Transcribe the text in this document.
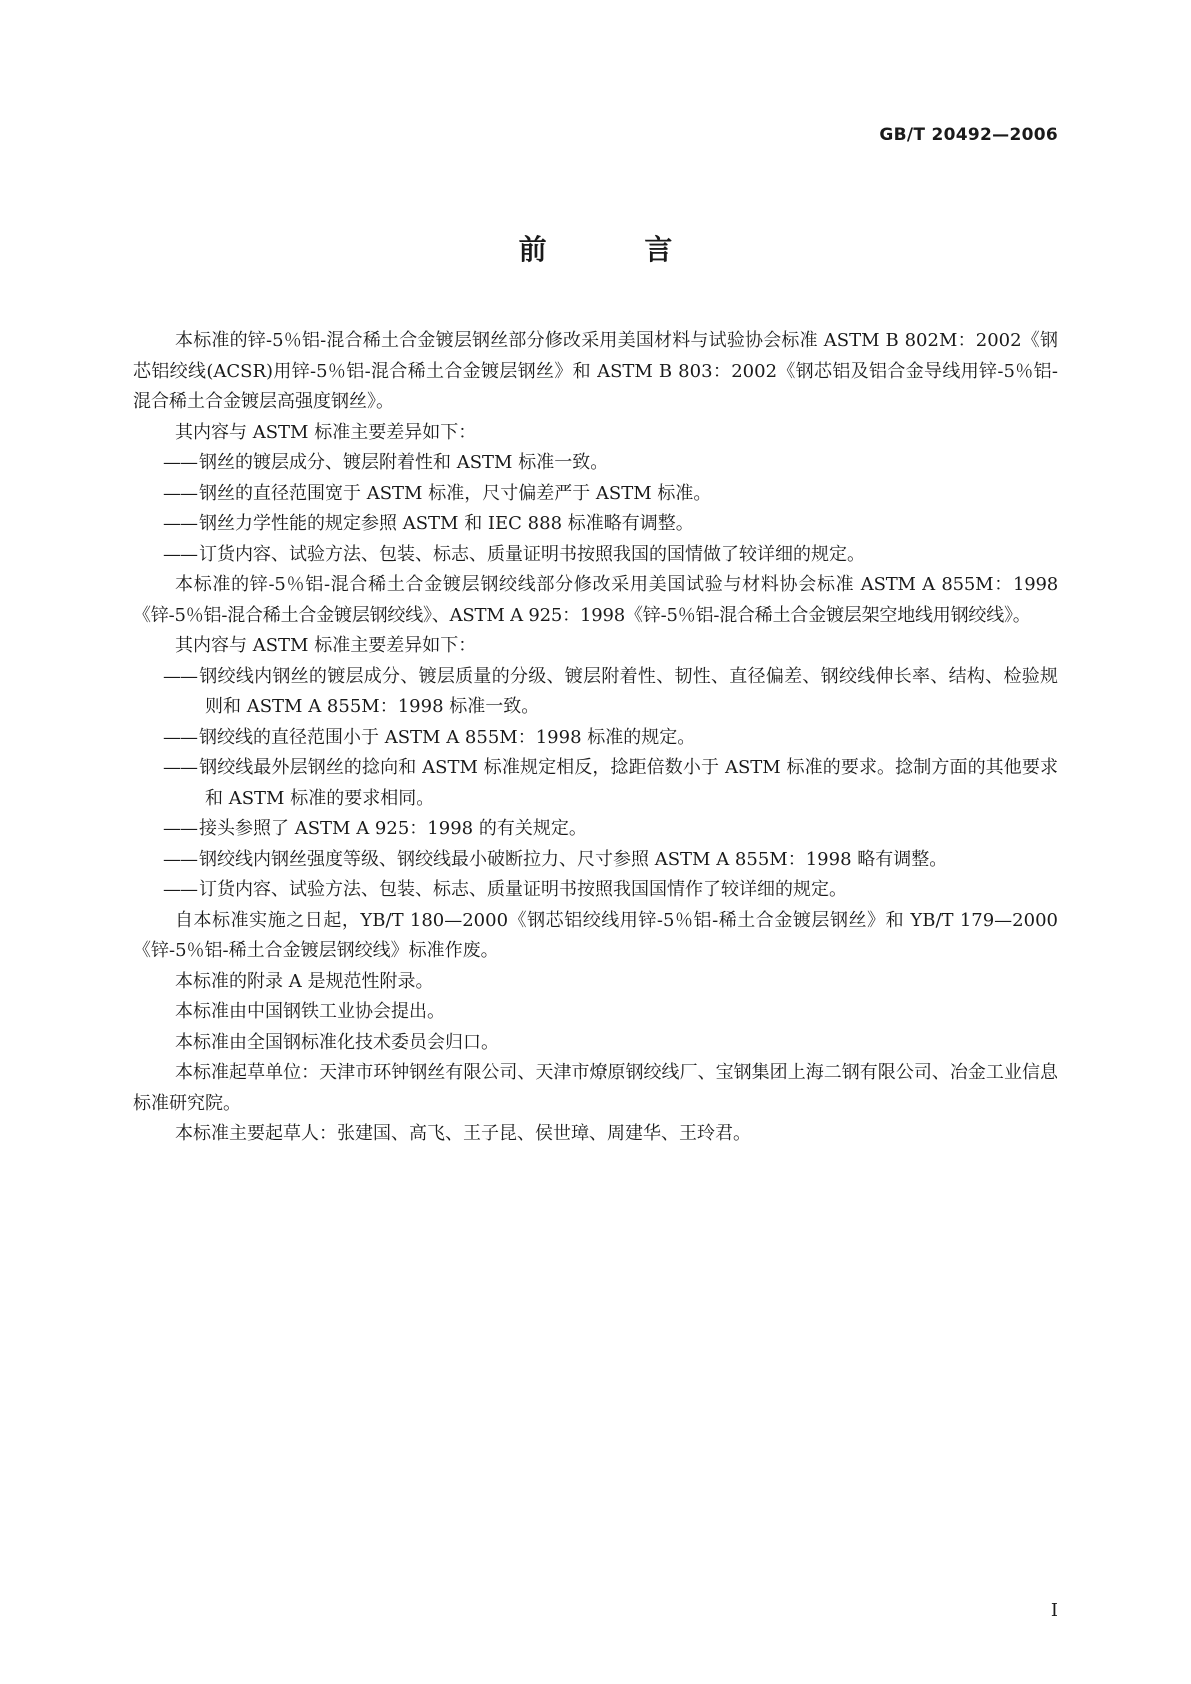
GB/T 20492—2006
前 言

本标准的锌-5％铝-混合稀土合金镀层钢丝部分修改采用美国材料与试验协会标准 ASTM B 802M：2002《钢芯铝绞线(ACSR)用锌-5％铝-混合稀土合金镀层钢丝》和 ASTM B 803：2002《钢芯铝及铝合金导线用锌-5％铝-混合稀土合金镀层高强度钢丝》。

其内容与 ASTM 标准主要差异如下：

—— 钢丝的镀层成分、镀层附着性和 ASTM 标准一致。

—— 钢丝的直径范围宽于 ASTM 标准，尺寸偏差严于 ASTM 标准。

—— 钢丝力学性能的规定参照 ASTM 和 IEC 888 标准略有调整。

—— 订货内容、试验方法、包装、标志、质量证明书按照我国的国情做了较详细的规定。

本标准的锌-5％铝-混合稀土合金镀层钢绞线部分修改采用美国试验与材料协会标准 ASTM A 855M：1998《锌-5％铝-混合稀土合金镀层钢绞线》、ASTM A 925：1998《锌-5％铝-混合稀土合金镀层架空地线用钢绞线》。

其内容与 ASTM 标准主要差异如下：

—— 钢绞线内钢丝的镀层成分、镀层质量的分级、镀层附着性、韧性、直径偏差、钢绞线伸长率、结构、检验规则和 ASTM A 855M：1998 标准一致。

—— 钢绞线的直径范围小于 ASTM A 855M：1998 标准的规定。

—— 钢绞线最外层钢丝的捻向和 ASTM 标准规定相反，捻距倍数小于 ASTM 标准的要求。捻制方面的其他要求和 ASTM 标准的要求相同。

—— 接头参照了 ASTM A 925：1998 的有关规定。

—— 钢绞线内钢丝强度等级、钢绞线最小破断拉力、尺寸参照 ASTM A 855M：1998 略有调整。

—— 订货内容、试验方法、包装、标志、质量证明书按照我国国情作了较详细的规定。

自本标准实施之日起，YB/T 180—2000《钢芯铝绞线用锌-5％铝-稀土合金镀层钢丝》和 YB/T 179—2000《锌-5％铝-稀土合金镀层钢绞线》标准作废。

本标准的附录 A 是规范性附录。

本标准由中国钢铁工业协会提出。

本标准由全国钢标准化技术委员会归口。

本标准起草单位：天津市环钟钢丝有限公司、天津市燎原钢绞线厂、宝钢集团上海二钢有限公司、冶金工业信息标准研究院。

本标准主要起草人：张建国、高飞、王子昆、侯世璋、周建华、王玲君。

I
